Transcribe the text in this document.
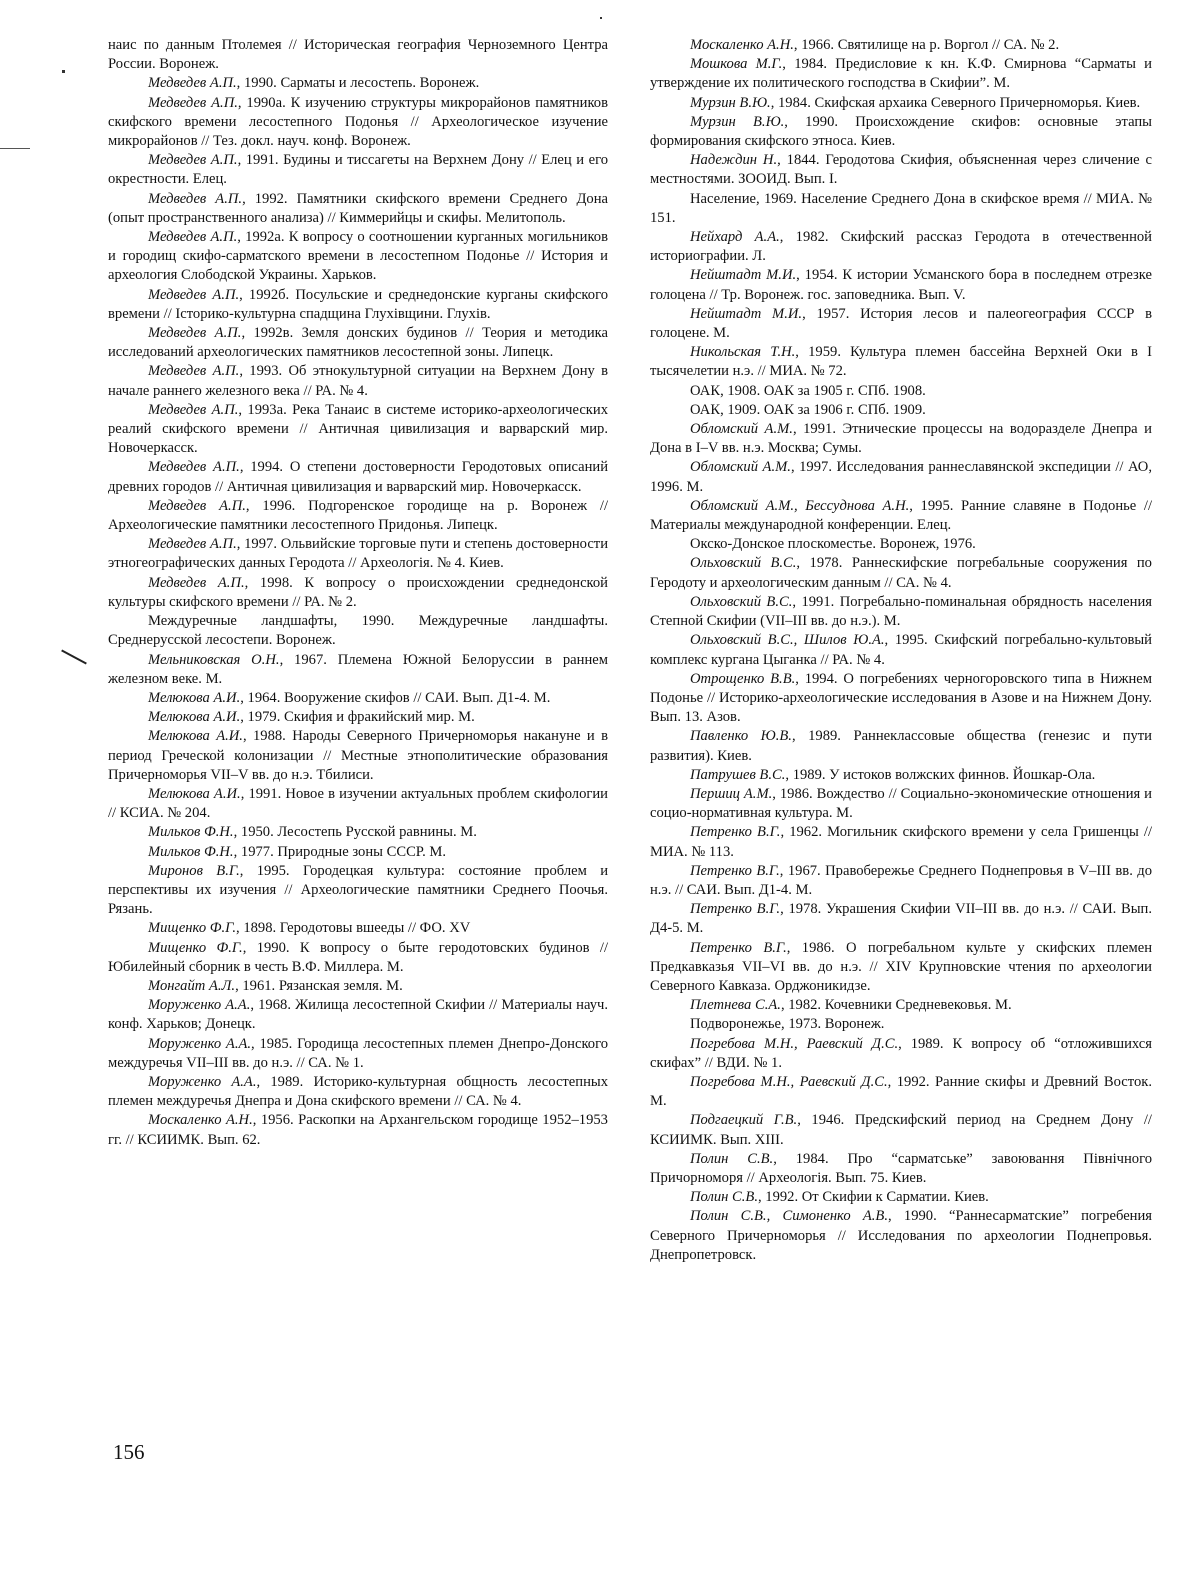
наис по данным Птолемея // Историческая география Черноземного Центра России. Воронеж.

Медведев А.П., 1990. Сарматы и лесостепь. Воронеж.

Медведев А.П., 1990а. К изучению структуры микрорайонов памятников скифского времени лесостепного Подонья // Археологическое изучение микрорайонов // Тез. докл. науч. конф. Воронеж.

Медведев А.П., 1991. Будины и тиссагеты на Верхнем Дону // Елец и его окрестности. Елец.

Медведев А.П., 1992. Памятники скифского времени Среднего Дона (опыт пространственного анализа) // Киммерийцы и скифы. Мелитополь.

Медведев А.П., 1992а. К вопросу о соотношении курганных могильников и городищ скифо-сарматского времени в лесостепном Подонье // История и археология Слободской Украины. Харьков.

Медведев А.П., 1992б. Посульские и среднедонские курганы скифского времени // Історико-культурна спадщина Глухівщини. Глухів.

Медведев А.П., 1992в. Земля донских будинов // Теория и методика исследований археологических памятников лесостепной зоны. Липецк.

Медведев А.П., 1993. Об этнокультурной ситуации на Верхнем Дону в начале раннего железного века // РА. № 4.

Медведев А.П., 1993а. Река Танаис в системе историко-археологических реалий скифского времени // Античная цивилизация и варварский мир. Новочеркасск.

Медведев А.П., 1994. О степени достоверности Геродотовых описаний древних городов // Античная цивилизация и варварский мир. Новочеркасск.

Медведев А.П., 1996. Подгоренское городище на р. Воронеж // Археологические памятники лесостепного Придонья. Липецк.

Медведев А.П., 1997. Ольвийские торговые пути и степень достоверности этногеографических данных Геродота // Археологія. № 4. Киев.

Медведев А.П., 1998. К вопросу о происхождении среднедонской культуры скифского времени // РА. № 2.

Междуречные ландшафты, 1990. Междуречные ландшафты. Среднерусской лесостепи. Воронеж.

Мельниковская О.Н., 1967. Племена Южной Белоруссии в раннем железном веке. М.

Мелюкова А.И., 1964. Вооружение скифов // САИ. Вып. Д1-4. М.

Мелюкова А.И., 1979. Скифия и фракийский мир. М.

Мелюкова А.И., 1988. Народы Северного Причерноморья накануне и в период Греческой колонизации // Местные этнополитические образования Причерноморья VII–V вв. до н.э. Тбилиси.

Мелюкова А.И., 1991. Новое в изучении актуальных проблем скифологии // КСИА. № 204.

Мильков Ф.Н., 1950. Лесостепь Русской равнины. М.

Мильков Ф.Н., 1977. Природные зоны СССР. М.

Миронов В.Г., 1995. Городецкая культура: состояние проблем и перспективы их изучения // Археологические памятники Среднего Поочья. Рязань.

Мищенко Ф.Г., 1898. Геродотовы вшееды // ФО. XV

Мищенко Ф.Г., 1990. К вопросу о быте геродотовских будинов // Юбилейный сборник в честь В.Ф. Миллера. М.

Монгайт А.Л., 1961. Рязанская земля. М.

Моруженко А.А., 1968. Жилища лесостепной Скифии // Материалы науч. конф. Харьков; Донецк.

Моруженко А.А., 1985. Городища лесостепных племен Днепро-Донского междуречья VII–III вв. до н.э. // СА. № 1.

Моруженко А.А., 1989. Историко-культурная общность лесостепных племен междуречья Днепра и Дона скифского времени // СА. № 4.

Москаленко А.Н., 1956. Раскопки на Архангельском городище 1952–1953 гг. // КСИИМК. Вып. 62.

Москаленко А.Н., 1966. Святилище на р. Воргол // СА. № 2.

Мошкова М.Г., 1984. Предисловие к кн. К.Ф. Смирнова “Сарматы и утверждение их политического господства в Скифии”. М.

Мурзин В.Ю., 1984. Скифская архаика Северного Причерноморья. Киев.

Мурзин В.Ю., 1990. Происхождение скифов: основные этапы формирования скифского этноса. Киев.

Надеждин Н., 1844. Геродотова Скифия, объясненная через сличение с местностями. ЗООИД. Вып. I.

Население, 1969. Население Среднего Дона в скифское время // МИА. № 151.

Нейхард А.А., 1982. Скифский рассказ Геродота в отечественной историографии. Л.

Нейштадт М.И., 1954. К истории Усманского бора в последнем отрезке голоцена // Тр. Воронеж. гос. заповедника. Вып. V.

Нейштадт М.И., 1957. История лесов и палеогеография СССР в голоцене. М.

Никольская Т.Н., 1959. Культура племен бассейна Верхней Оки в I тысячелетии н.э. // МИА. № 72.

ОАК, 1908. ОАК за 1905 г. СПб. 1908.

ОАК, 1909. ОАК за 1906 г. СПб. 1909.

Обломский А.М., 1991. Этнические процессы на водоразделе Днепра и Дона в I–V вв. н.э. Москва; Сумы.

Обломский А.М., 1997. Исследования раннеславянской экспедиции // АО, 1996. М.

Обломский А.М., Бессуднова А.Н., 1995. Ранние славяне в Подонье // Материалы международной конференции. Елец.

Окско-Донское плоскоместье. Воронеж, 1976.

Ольховский В.С., 1978. Раннескифские погребальные сооружения по Геродоту и археологическим данным // СА. № 4.

Ольховский В.С., 1991. Погребально-поминальная обрядность населения Степной Скифии (VII–III вв. до н.э.). М.

Ольховский В.С., Шилов Ю.А., 1995. Скифский погребально-культовый комплекс кургана Цыганка // РА. № 4.

Отрощенко В.В., 1994. О погребениях черногоровского типа в Нижнем Подонье // Историко-археологические исследования в Азове и на Нижнем Дону. Вып. 13. Азов.

Павленко Ю.В., 1989. Раннеклассовые общества (генезис и пути развития). Киев.

Патрушев В.С., 1989. У истоков волжских финнов. Йошкар-Ола.

Першиц А.М., 1986. Вождество // Социально-экономические отношения и социо-нормативная культура. М.

Петренко В.Г., 1962. Могильник скифского времени у села Гришенцы // МИА. № 113.

Петренко В.Г., 1967. Правобережье Среднего Поднепровья в V–III вв. до н.э. // САИ. Вып. Д1-4. М.

Петренко В.Г., 1978. Украшения Скифии VII–III вв. до н.э. // САИ. Вып. Д4-5. М.

Петренко В.Г., 1986. О погребальном культе у скифских племен Предкавказья VII–VI вв. до н.э. // XIV Крупновские чтения по археологии Северного Кавказа. Орджоникидзе.

Плетнева С.А., 1982. Кочевники Средневековья. М.

Подворонежье, 1973. Воронеж.

Погребова М.Н., Раевский Д.С., 1989. К вопросу об “отложившихся скифах” // ВДИ. № 1.

Погребова М.Н., Раевский Д.С., 1992. Ранние скифы и Древний Восток. М.

Подгаецкий Г.В., 1946. Предскифский период на Среднем Дону // КСИИМК. Вып. XIII.

Полин С.В., 1984. Про “сарматське” завоювання Північного Причорноморя // Археологія. Вып. 75. Киев.

Полин С.В., 1992. От Скифии к Сарматии. Киев.

Полин С.В., Симоненко А.В., 1990. “Раннесарматские” погребения Северного Причерноморья // Исследования по археологии Поднепровья. Днепропетровск.

156
